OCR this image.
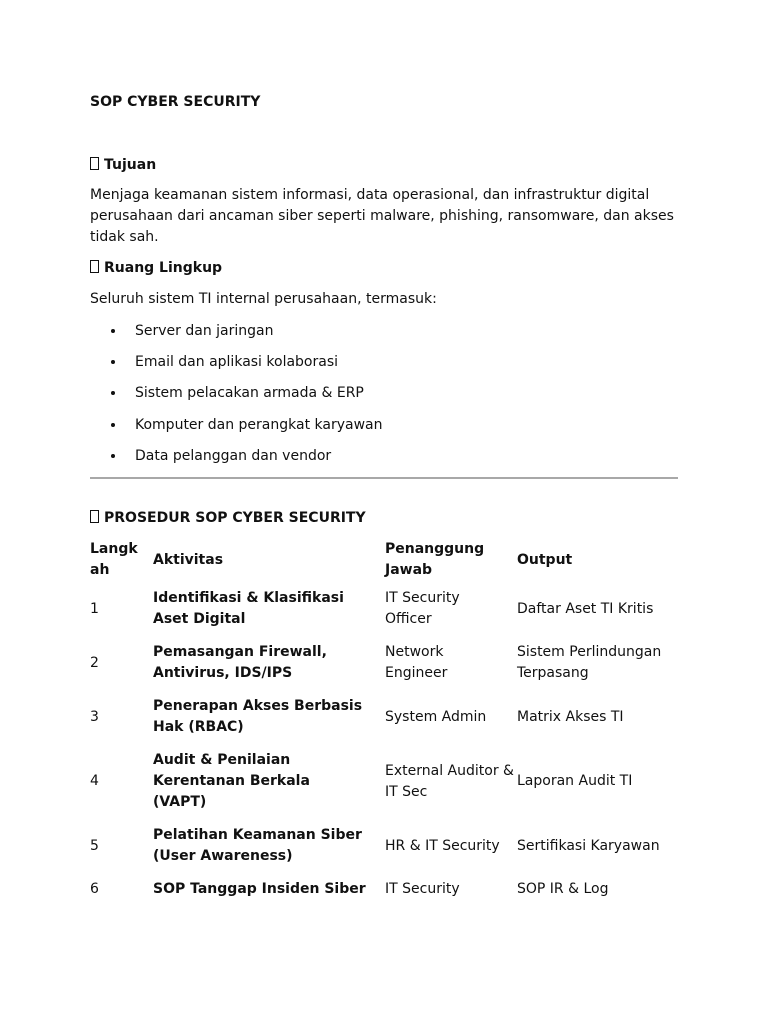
SOP CYBER SECURITY
Tujuan
Menjaga keamanan sistem informasi, data operasional, dan infrastruktur digital perusahaan dari ancaman siber seperti malware, phishing, ransomware, dan akses tidak sah.
Ruang Lingkup
Seluruh sistem TI internal perusahaan, termasuk:
Server dan jaringan
Email dan aplikasi kolaborasi
Sistem pelacakan armada & ERP
Komputer dan perangkat karyawan
Data pelanggan dan vendor
PROSEDUR SOP CYBER SECURITY
Langkah	Aktivitas	Penanggung Jawab	Output
1	Identifikasi & Klasifikasi Aset Digital	IT Security Officer	Daftar Aset TI Kritis
2	Pemasangan Firewall, Antivirus, IDS/IPS	Network Engineer	Sistem Perlindungan Terpasang
3	Penerapan Akses Berbasis Hak (RBAC)	System Admin	Matrix Akses TI
4	Audit & Penilaian Kerentanan Berkala (VAPT)	External Auditor & IT Sec	Laporan Audit TI
5	Pelatihan Keamanan Siber (User Awareness)	HR & IT Security	Sertifikasi Karyawan
6	SOP Tanggap Insiden Siber	IT Security	SOP IR & Log
